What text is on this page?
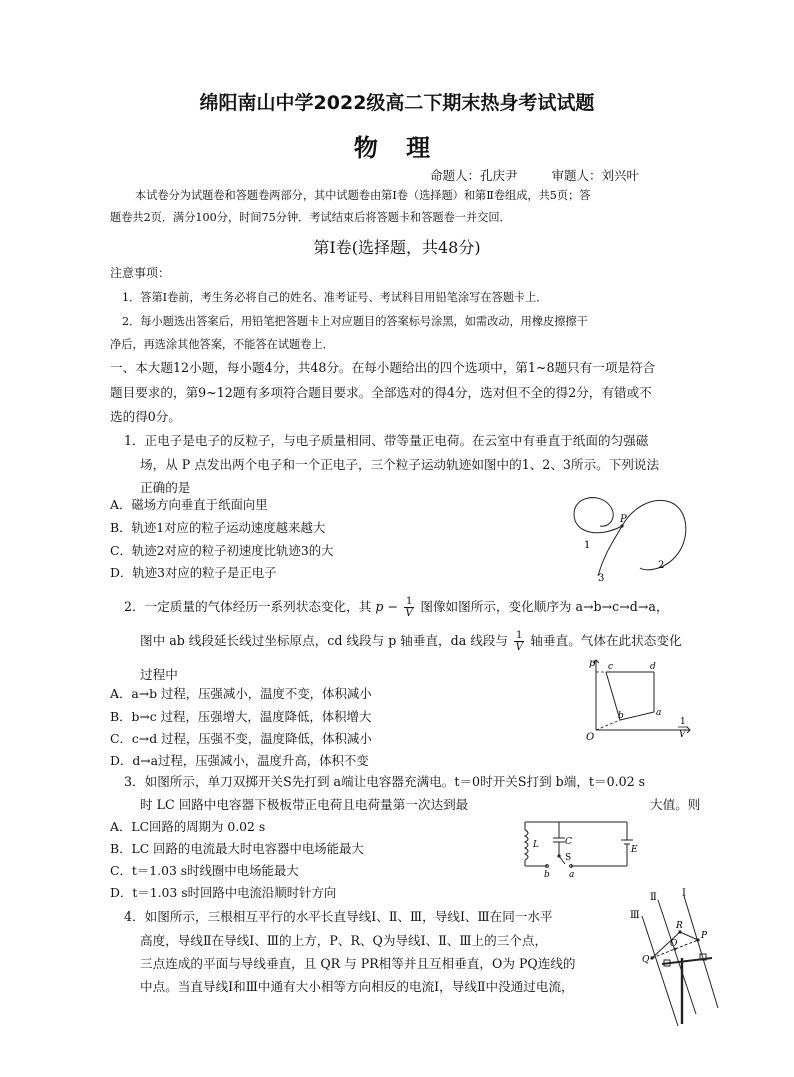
绵阳南山中学2022级高二下期末热身考试试题
物 理
命题人：孔庆尹	审题人：刘兴叶
本试卷分为试题卷和答题卷两部分，其中试题卷由第Ⅰ卷（选择题）和第Ⅱ卷组成，共5页；答
题卷共2页．满分100分，时间75分钟．考试结束后将答题卡和答题卷一并交回．
第Ⅰ卷(选择题，共48分)
注意事项：
1．答第Ⅰ卷前，考生务必将自己的姓名、准考证号、考试科目用铅笔涂写在答题卡上．
2．每小题选出答案后，用铅笔把答题卡上对应题目的答案标号涂黑，如需改动，用橡皮擦擦干
净后，再选涂其他答案，不能答在试题卷上．
一、本大题12小题，每小题4分，共48分。在每小题给出的四个选项中，第1~8题只有一项是符合
题目要求的，第9~12题有多项符合题目要求。全部选对的得4分，选对但不全的得2分，有错或不
选的得0分。
1．正电子是电子的反粒子，与电子质量相同、带等量正电荷。在云室中有垂直于纸面的匀强磁
场，从 P 点发出两个电子和一个正电子，三个粒子运动轨迹如图中的1、2、3所示。下列说法
正确的是
A．磁场方向垂直于纸面向里
B．轨迹1对应的粒子运动速度越来越大
C．轨迹2对应的粒子初速度比轨迹3的大
D．轨迹3对应的粒子是正电子
P
1
2
3
2．一定质量的气体经历一系列状态变化，其 $p - \frac{1}{V}$ 图像如图所示，变化顺序为 a→b→c→d→a，
图中 ab 线段延长线过坐标原点，cd 线段与 p 轴垂直，da 线段与 $\frac{1}{V}$ 轴垂直。气体在此状态变化
过程中
A．a→b 过程，压强减小，温度不变，体积减小
B．b→c 过程，压强增大，温度降低，体积增大
C．c→d 过程，压强不变，温度降低，体积减小
D．d→a过程，压强减小，温度升高，体积不变
p c	d
a
b
O
1
V
3．如图所示，单刀双掷开关S先打到 a端让电容器充满电。t＝0时开关S打到 b端，t＝0.02 s
时 LC 回路中电容器下极板带正电荷且电荷量第一次达到最	大值。则
A．LC回路的周期为 0.02 s
B．LC 回路的电流最大时电容器中电场能最大
C．t＝1.03 s时线圈中电场能最大
D．t＝1.03 s时回路中电流沿顺时针方向
L	C
S
E
b a
4．如图所示，三根相互平行的水平长直导线Ⅰ、Ⅱ、Ⅲ，导线Ⅰ、Ⅲ在同一水平
高度，导线Ⅱ在导线Ⅰ、Ⅲ的上方，P、R、Q为导线Ⅰ、Ⅱ、Ⅲ上的三个点，
三点连成的平面与导线垂直，且 QR 与 PR相等并且互相垂直，O为 PQ连线的
中点。当直导线Ⅰ和Ⅲ中通有大小相等方向相反的电流I，导线Ⅱ中没通过电流，
Ⅰ
Ⅱ
Ⅲ
R
P
Q
O
